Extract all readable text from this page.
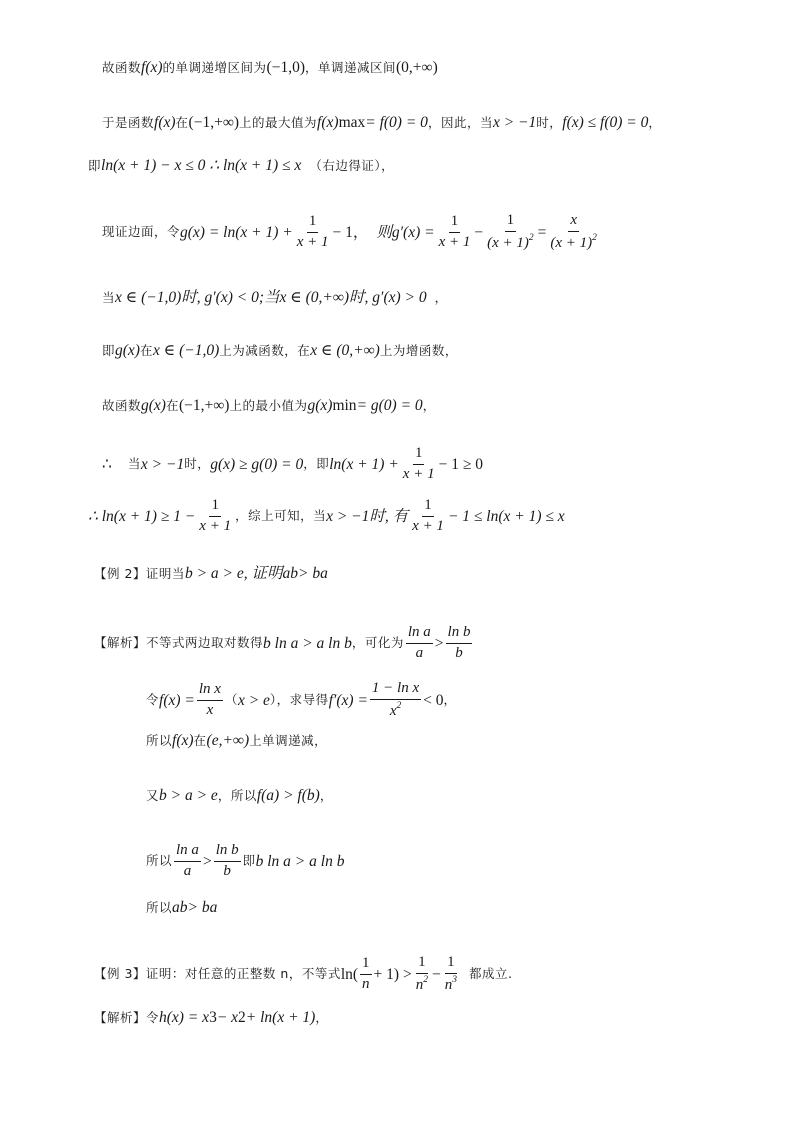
故函数 f(x) 的单调递增区间为 (−1,0) ，单调递减区间 (0,+∞)
于是函数 f(x) 在 (−1,+∞) 上的最大值为 f(x) max = f(0) = 0 ，因此，当 x > −1 时， f(x) ≤ f(0) = 0 ，
即 ln(x + 1) − x ≤ 0 ∴ ln(x + 1) ≤ x （右边得证），
现证边面，令 $g(x) = \ln(x + 1) + \frac{1}{x + 1} - 1$， 则$g'(x) = \frac{1}{x + 1} - \frac{1}{(x + 1)^2} = \frac{x}{(x + 1)^2}$
当 x ∈ (−1,0)时, g′(x) < 0;当x ∈ (0,+∞)时, g′(x) > 0 ，
即 g(x) 在 x ∈ (−1,0) 上为减函数，在 x ∈ (0,+∞) 上为增函数，
故函数 g(x) 在 (−1,+∞) 上的最小值为 g(x) min = g(0) = 0 ，
∴ 当 x > −1 时， g(x) ≥ g(0) = 0 ，即 $\ln(x + 1) + \frac{1}{x + 1} - 1 \ge 0$
∴ $\ln(x + 1) \ge 1 - \frac{1}{x + 1}$ ，综上可知，当 x > −1时, 有 $\frac{1}{x + 1} - 1 \le \ln(x + 1) \le x$
【例 2】证明当 b > a > e, 证明a b > b a
【解析】不等式两边取对数得 b ln a > a ln b ，可化为 $\frac{\text{ln a}}{a} > \frac{\text{ln b}}{b}$
令 $f(x) = \frac{\text{ln x}}{x}$ （ x > e ），求导得 $f'(x) = \frac{\text{1 − ln x}}{x^2} < 0$ ，
所以 f(x) 在 (e,+∞) 上单调递减，
又 b > a > e ，所以 f(a) > f(b) ，
所以 $\frac{\text{ln a}}{a} > \frac{\text{ln b}}{b}$ 即 b ln a > a ln b
所以 a b > b a
【例 3】证明：对任意的正整数 n，不等式 $\ln( \frac{1}{n} + 1) > \frac{1}{n^2} - \frac{1}{n^3}$ 都成立.
【解析】令 h(x) = x 3 − x 2 + ln(x + 1) ，
